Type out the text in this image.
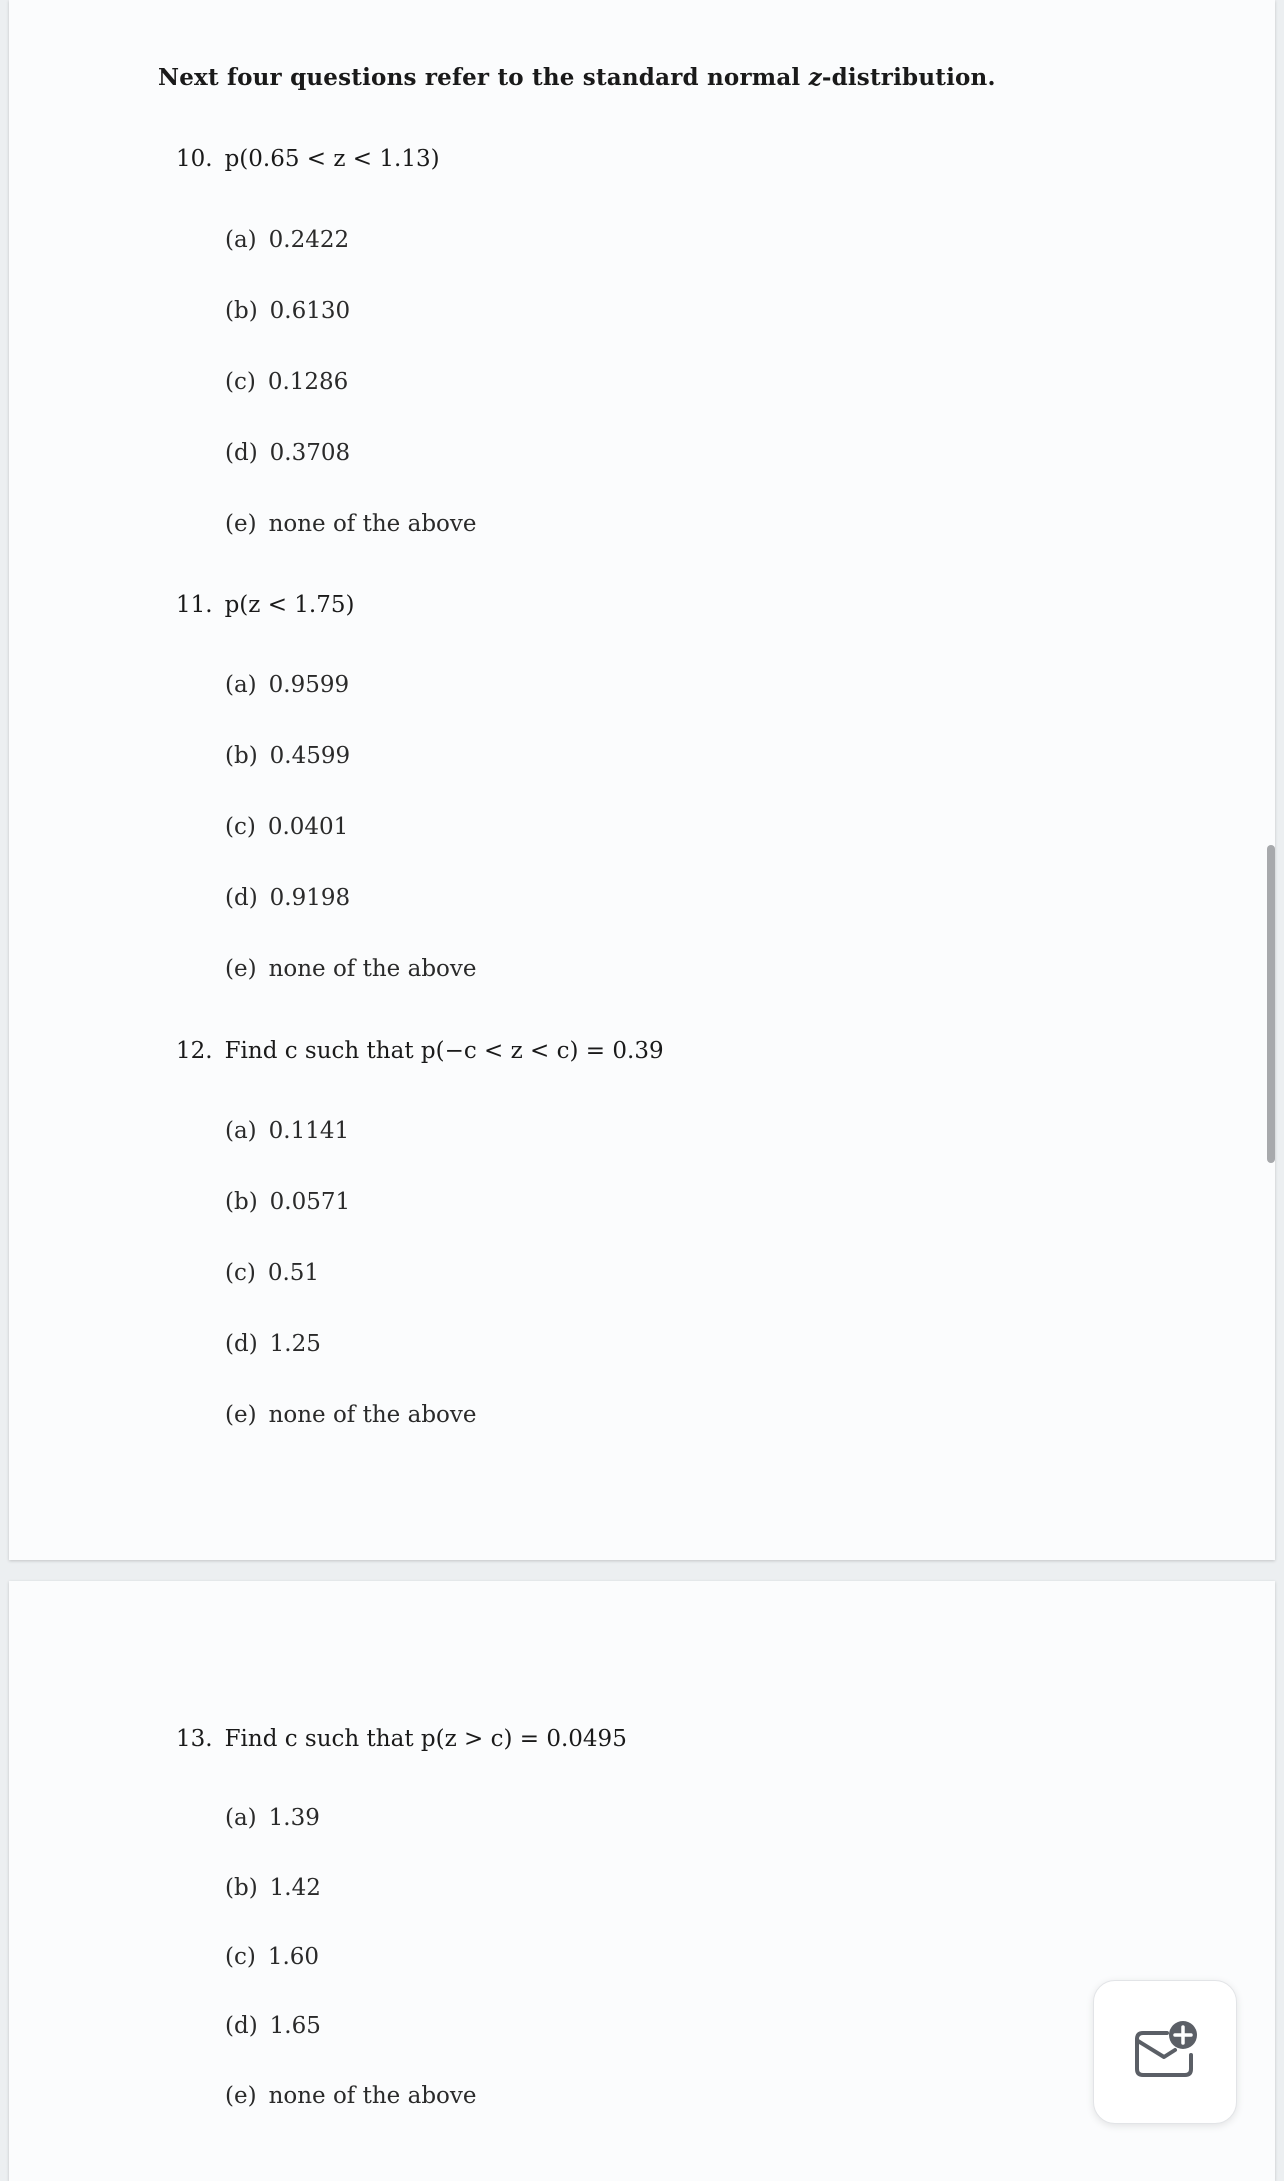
Next four questions refer to the standard normal z-distribution.
10. p(0.65 < z < 1.13)
(a) 0.2422
(b) 0.6130
(c) 0.1286
(d) 0.3708
(e) none of the above
11. p(z < 1.75)
(a) 0.9599
(b) 0.4599
(c) 0.0401
(d) 0.9198
(e) none of the above
12. Find c such that p(−c < z < c) = 0.39
(a) 0.1141
(b) 0.0571
(c) 0.51
(d) 1.25
(e) none of the above
13. Find c such that p(z > c) = 0.0495
(a) 1.39
(b) 1.42
(c) 1.60
(d) 1.65
(e) none of the above
